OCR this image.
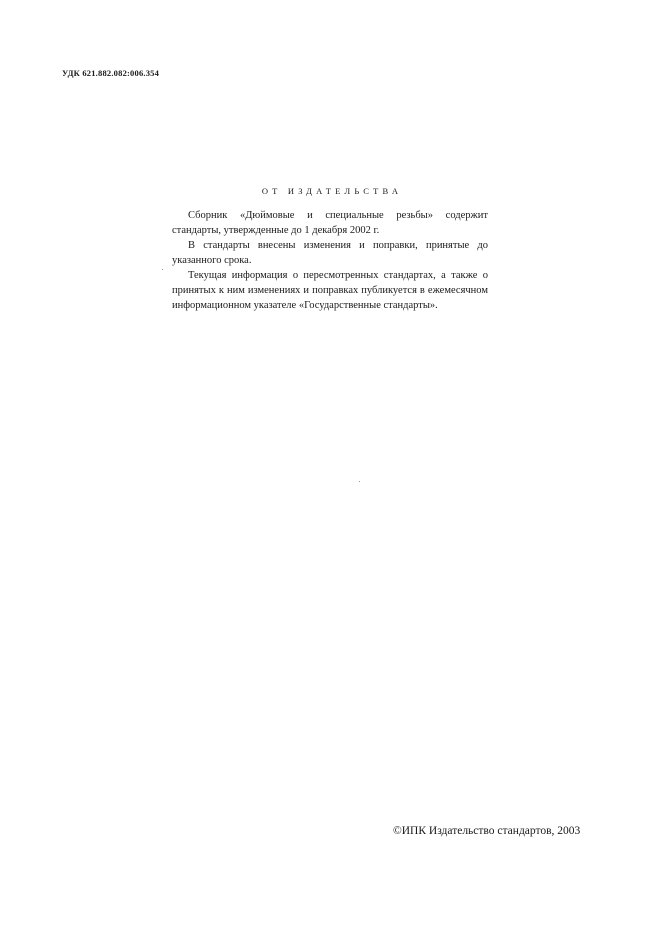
УДК 621.882.082:006.354
ОТ ИЗДАТЕЛЬСТВА

Сборник «Дюймовые и специальные резьбы» содержит стандарты, утвержденные до 1 декабря 2002 г.

В стандарты внесены изменения и поправки, принятые до указанного срока.

Текущая информация о пересмотренных стандартах, а также о принятых к ним изменениях и поправках публикуется в ежемесячном информационном указателе «Государственные стандарты».

©ИПК Издательство стандартов, 2003
